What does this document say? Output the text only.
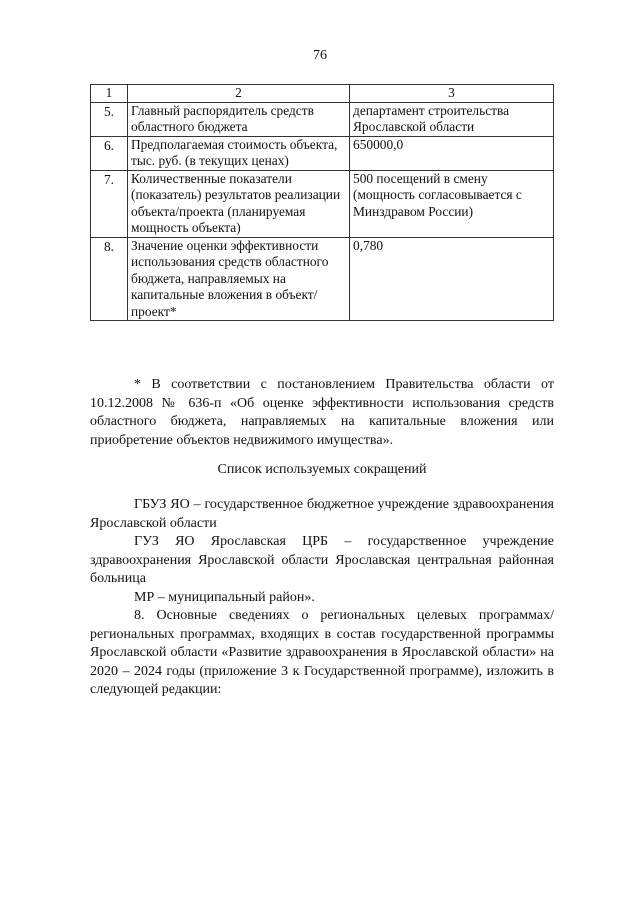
76
1	2	3
5.	Главный распорядитель средств областного бюджета	департамент строительства Ярославской области
6.	Предполагаемая стоимость объекта, тыс. руб. (в текущих ценах)	650000,0
7.	Количественные показатели (показатель) результатов реализации объекта/проекта (планируемая мощность объекта)	500 посещений в смену (мощность согласовывается с Минздравом России)
8.	Значение оценки эффективности использования средств областного бюджета, направляемых на капитальные вложения в объект/проект*	0,780

* В соответствии с постановлением Правительства области от 10.12.2008 № 636-п «Об оценке эффективности использования средств областного бюджета, направляемых на капитальные вложения или приобретение объектов недвижимого имущества».

Список используемых сокращений

ГБУЗ ЯО – государственное бюджетное учреждение здравоохранения Ярославской области

ГУЗ ЯО Ярославская ЦРБ – государственное учреждение здравоохранения Ярославской области Ярославская центральная районная больница

МР – муниципальный район».

8. Основные сведениях о региональных целевых программах/ региональных программах, входящих в состав государственной программы Ярославской области «Развитие здравоохранения в Ярославской области» на 2020 – 2024 годы (приложение 3 к Государственной программе), изложить в следующей редакции:
